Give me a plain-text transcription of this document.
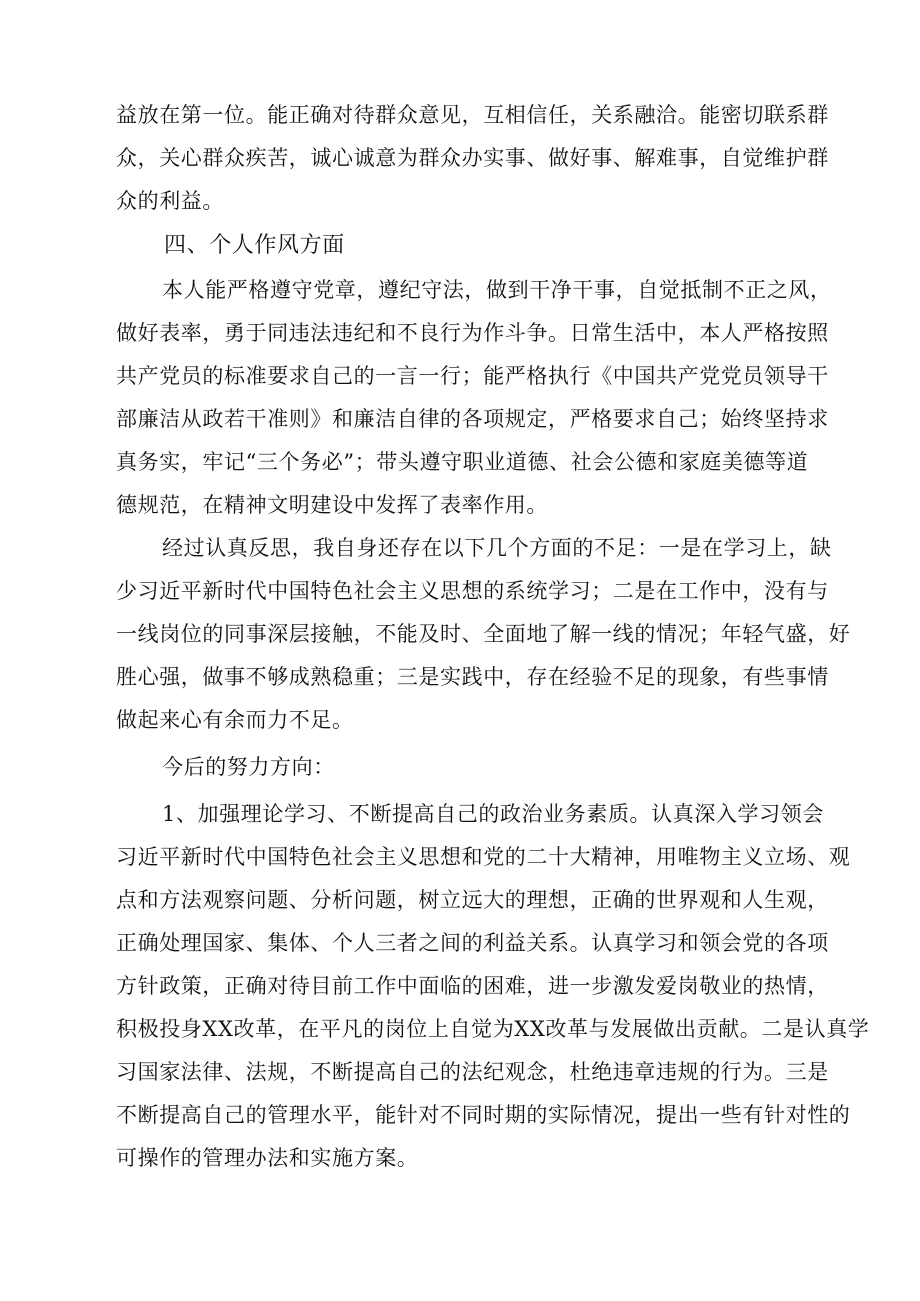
益放在第一位。能正确对待群众意见，互相信任，关系融洽。能密切联系群
众，关心群众疾苦，诚心诚意为群众办实事、做好事、解难事，自觉维护群
众的利益。
四、个人作风方面
本人能严格遵守党章，遵纪守法，做到干净干事，自觉抵制不正之风，
做好表率，勇于同违法违纪和不良行为作斗争。日常生活中，本人严格按照
共产党员的标准要求自己的一言一行；能严格执行《中国共产党党员领导干
部廉洁从政若干准则》和廉洁自律的各项规定，严格要求自己；始终坚持求
真务实，牢记“三个务必”；带头遵守职业道德、社会公德和家庭美德等道
德规范，在精神文明建设中发挥了表率作用。
经过认真反思，我自身还存在以下几个方面的不足：一是在学习上，缺
少习近平新时代中国特色社会主义思想的系统学习；二是在工作中，没有与
一线岗位的同事深层接触，不能及时、全面地了解一线的情况；年轻气盛，好
胜心强，做事不够成熟稳重；三是实践中，存在经验不足的现象，有些事情
做起来心有余而力不足。
今后的努力方向：
1、加强理论学习、不断提高自己的政治业务素质。认真深入学习领会
习近平新时代中国特色社会主义思想和党的二十大精神，用唯物主义立场、观
点和方法观察问题、分析问题，树立远大的理想，正确的世界观和人生观，
正确处理国家、集体、个人三者之间的利益关系。认真学习和领会党的各项
方针政策，正确对待目前工作中面临的困难，进一步激发爱岗敬业的热情，
积极投身XX改革，在平凡的岗位上自觉为XX改革与发展做出贡献。二是认真学
习国家法律、法规，不断提高自己的法纪观念，杜绝违章违规的行为。三是
不断提高自己的管理水平，能针对不同时期的实际情况，提出一些有针对性的
可操作的管理办法和实施方案。
